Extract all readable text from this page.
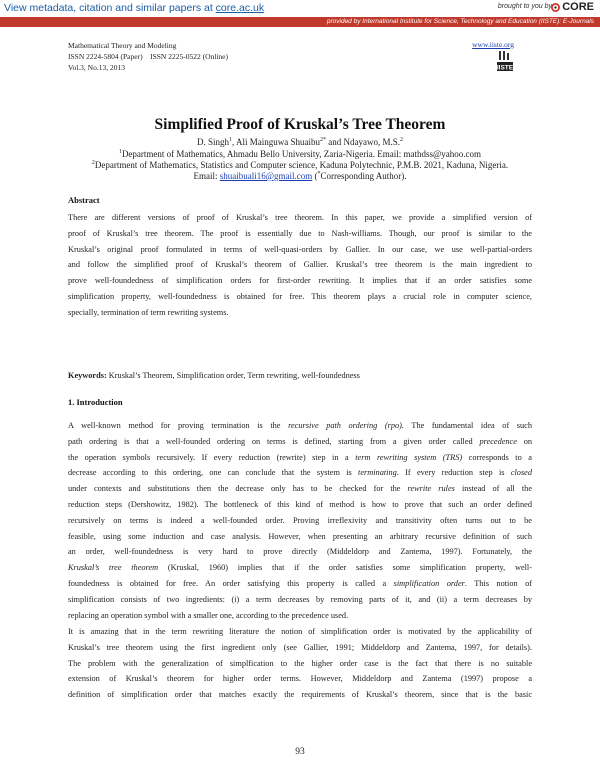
View metadata, citation and similar papers at core.ac.uk	brought to you by CORE
provided by International Institute for Science, Technology and Education (IISTE): E-Journals
Mathematical Theory and Modeling
ISSN 2224-5804 (Paper)    ISSN 2225-0522 (Online)
Vol.3, No.13, 2013
www.iiste.org
IISTE
Simplified Proof of Kruskal’s Tree Theorem
D. Singh$^1$, Ali Mainguwa Shuaibu$^{2*}$ and Ndayawo, M.S.$^2$
$^1$Department of Mathematics, Ahmadu Bello University, Zaria-Nigeria. Email: mathdss@yahoo.com
$^2$Department of Mathematics, Statistics and Computer science, Kaduna Polytechnic, P.M.B. 2021, Kaduna, Nigeria.
Email: shuaibuali16@gmail.com (*Corresponding Author).
Abstract
There are different versions of proof of Kruskal’s tree theorem. In this paper, we provide a simplified version of
proof of Kruskal’s tree theorem. The proof is essentially due to Nash-williams. Though, our proof is similar to the
Kruskal’s original proof formulated in terms of well-quasi-orders by Gallier. In our case, we use well-partial-orders
and follow the simplified proof of Kruskal’s theorem of Gallier. Kruskal’s tree theorem is the main ingredient to
prove well-foundedness of simplification orders for first-order rewriting. It implies that if an order satisfies some
simplification property, well-foundedness is obtained for free. This theorem plays a crucial role in computer science,
specially, termination of term rewriting systems.
Keywords: Kruskal’s Theorem, Simplification order, Term rewriting, well-foundedness
1. Introduction
A well-known method for proving termination is the recursive path ordering (rpo). The fundamental idea of such
path ordering is that a well-founded ordering on terms is defined, starting from a given order called precedence on
the operation symbols recursively. If every reduction (rewrite) step in a term rewriting system (TRS) corresponds to a
decrease according to this ordering, one can conclude that the system is terminating. If every reduction step is closed
under contexts and substitutions then the decrease only has to be checked for the rewrite rules instead of all the
reduction steps (Dershowitz, 1982). The bottleneck of this kind of method is how to prove that such an order defined
recursively on terms is indeed a well-founded order. Proving irreflexivity and transitivity often turns out to be
feasible, using some induction and case analysis. However, when presenting an arbitrary recursive definition of such
an order, well-foundedness is very hard to prove directly (Middeldorp and Zantema, 1997). Fortunately, the
Kruskal’s tree theorem (Kruskal, 1960) implies that if the order satisfies some simplification property, well-
foundedness is obtained for free. An order satisfying this property is called a simplification order. This notion of
simplification consists of two ingredients: (i) a term decreases by removing parts of it, and (ii) a term decreases by
replacing an operation symbol with a smaller one, according to the precedence used.
It is amazing that in the term rewriting literature the notion of simplification order is motivated by the applicability of
Kruskal’s tree theorem using the first ingredient only (see Gallier, 1991; Middeldorp and Zantema, 1997, for details).
The problem with the generalization of simplfication to the higher order case is the fact that there is no suitable
extension of Kruskal’s theorem for higher order terms. However, Middeldorp and Zantema (1997) propose a
definition of simplification order that matches exactly the requirements of Kruskal’s theorem, since that is the basic
93
